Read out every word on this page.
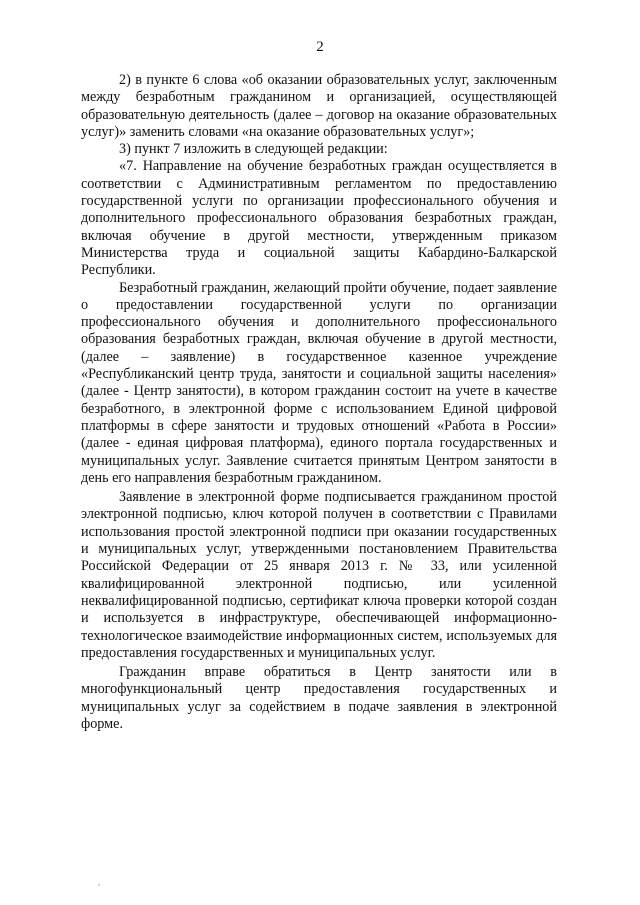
2

2) в пункте 6 слова «об оказании образовательных услуг, заключенным между безработным гражданином и организацией, осуществляющей образовательную деятельность (далее – договор на оказание образовательных услуг)» заменить словами «на оказание образовательных услуг»;

3) пункт 7 изложить в следующей редакции:

«7. Направление на обучение безработных граждан осуществляется в соответствии с Административным регламентом по предоставлению государственной услуги по организации профессионального обучения и дополнительного профессионального образования безработных граждан, включая обучение в другой местности, утвержденным приказом Министерства труда и социальной защиты Кабардино-Балкарской Республики.

Безработный гражданин, желающий пройти обучение, подает заявление о предоставлении государственной услуги по организации профессионального обучения и дополнительного профессионального образования безработных граждан, включая обучение в другой местности, (далее – заявление) в государственное казенное учреждение «Республиканский центр труда, занятости и социальной защиты населения» (далее - Центр занятости), в котором гражданин состоит на учете в качестве безработного, в электронной форме с использованием Единой цифровой платформы в сфере занятости и трудовых отношений «Работа в России» (далее - единая цифровая платформа), единого портала государственных и муниципальных услуг. Заявление считается принятым Центром занятости в день его направления безработным гражданином.

Заявление в электронной форме подписывается гражданином простой электронной подписью, ключ которой получен в соответствии с Правилами использования простой электронной подписи при оказании государственных и муниципальных услуг, утвержденными постановлением Правительства Российской Федерации от 25 января 2013 г. № 33, или усиленной квалифицированной электронной подписью, или усиленной неквалифицированной подписью, сертификат ключа проверки которой создан и используется в инфраструктуре, обеспечивающей информационно-технологическое взаимодействие информационных систем, используемых для предоставления государственных и муниципальных услуг.

Гражданин вправе обратиться в Центр занятости или в многофункциональный центр предоставления государственных и муниципальных услуг за содействием в подаче заявления в электронной форме.

,
